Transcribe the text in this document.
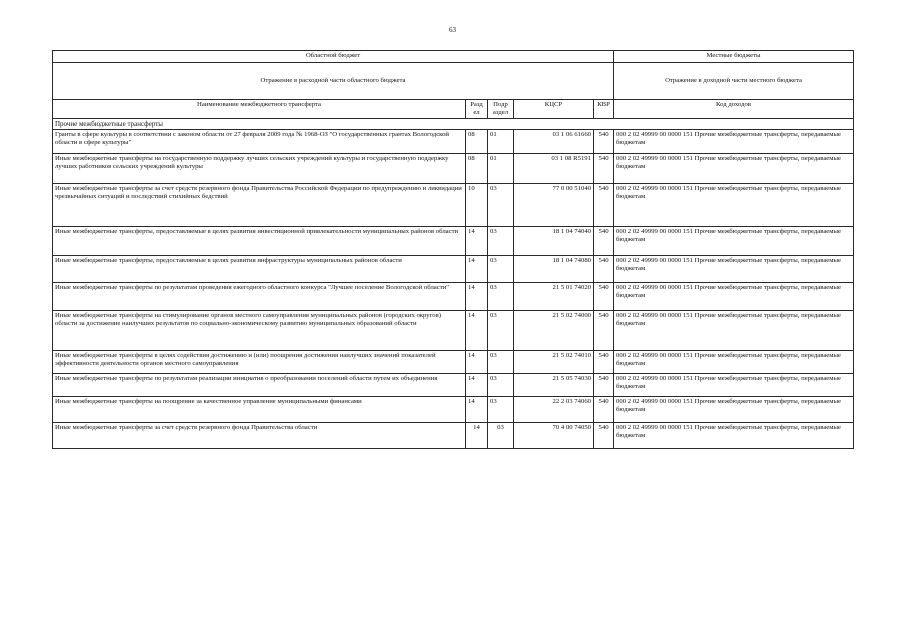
63
Областной бюджет					Местные бюджеты
Отражение в расходной части областного бюджета					Отражение в доходной части местного бюджета
Наименование межбюджетного трансферта	Разд ел	Подр аздел	КЦСР	КВР	Код доходов
Прочие межбюджетные трансферты					
Гранты в сфере культуры в соответствии с законом области от 27 февраля 2009 года № 1968-ОЗ "О государственных грантах Вологодской области в сфере культуры"	08	01	03 1 06 61660	540	000 2 02 49999 00 0000 151 Прочие межбюджетные трансферты, передаваемые бюджетам
Иные межбюджетные трансферты на государственную поддержку лучших сельских учреждений культуры и государственную поддержку лучших работников сельских учреждений культуры	08	01	03 1 08 R5191	540	000 2 02 49999 00 0000 151 Прочие межбюджетные трансферты, передаваемые бюджетам
Иные межбюджетные трансферты за счет средств резервного фонда Правительства Российской Федерации по предупреждению и ликвидации чрезвычайных ситуаций и последствий стихийных бедствий	10	03	77 0 00 51040	540	000 2 02 49999 00 0000 151 Прочие межбюджетные трансферты, передаваемые бюджетам
Иные межбюджетные трансферты, предоставляемые в целях развития инвестиционной привлекательности муниципальных районов области	14	03	18 1 04 74040	540	000 2 02 49999 00 0000 151 Прочие межбюджетные трансферты, передаваемые бюджетам
Иные межбюджетные трансферты, предоставляемые в целях развития инфраструктуры муниципальных районов области	14	03	18 1 04 74080	540	000 2 02 49999 00 0000 151 Прочие межбюджетные трансферты, передаваемые бюджетам
Иные межбюджетные трансферты по результатам проведения ежегодного областного конкурса "Лучшее поселение Вологодской области"	14	03	21 5 01 74020	540	000 2 02 49999 00 0000 151 Прочие межбюджетные трансферты, передаваемые бюджетам
Иные межбюджетные трансферты на стимулирование органов местного самоуправления муниципальных районов (городских округов) области за достижение наилучших результатов по социально-экономическому развитию муниципальных образований области	14	03	21 5 02 74000	540	000 2 02 49999 00 0000 151 Прочие межбюджетные трансферты, передаваемые бюджетам
Иные межбюджетные трансферты в целях содействия достижению и (или) поощрения достижения наилучших значений показателей эффективности деятельности органов местного самоуправления	14	03	21 5 02 74010	540	000 2 02 49999 00 0000 151 Прочие межбюджетные трансферты, передаваемые бюджетам
Иные межбюджетные трансферты по результатам реализации инициатив о преобразовании поселений области путем их объединения	14	03	21 5 05 74030	540	000 2 02 49999 00 0000 151 Прочие межбюджетные трансферты, передаваемые бюджетам
Иные межбюджетные трансферты на поощрение за качественное управление муниципальными финансами	14	03	22 2 03 74060	540	000 2 02 49999 00 0000 151 Прочие межбюджетные трансферты, передаваемые бюджетам
Иные межбюджетные трансферты за счет средств резервного фонда Правительства области	14	03	70 4 00 74050	540	000 2 02 49999 00 0000 151 Прочие межбюджетные трансферты, передаваемые бюджетам
